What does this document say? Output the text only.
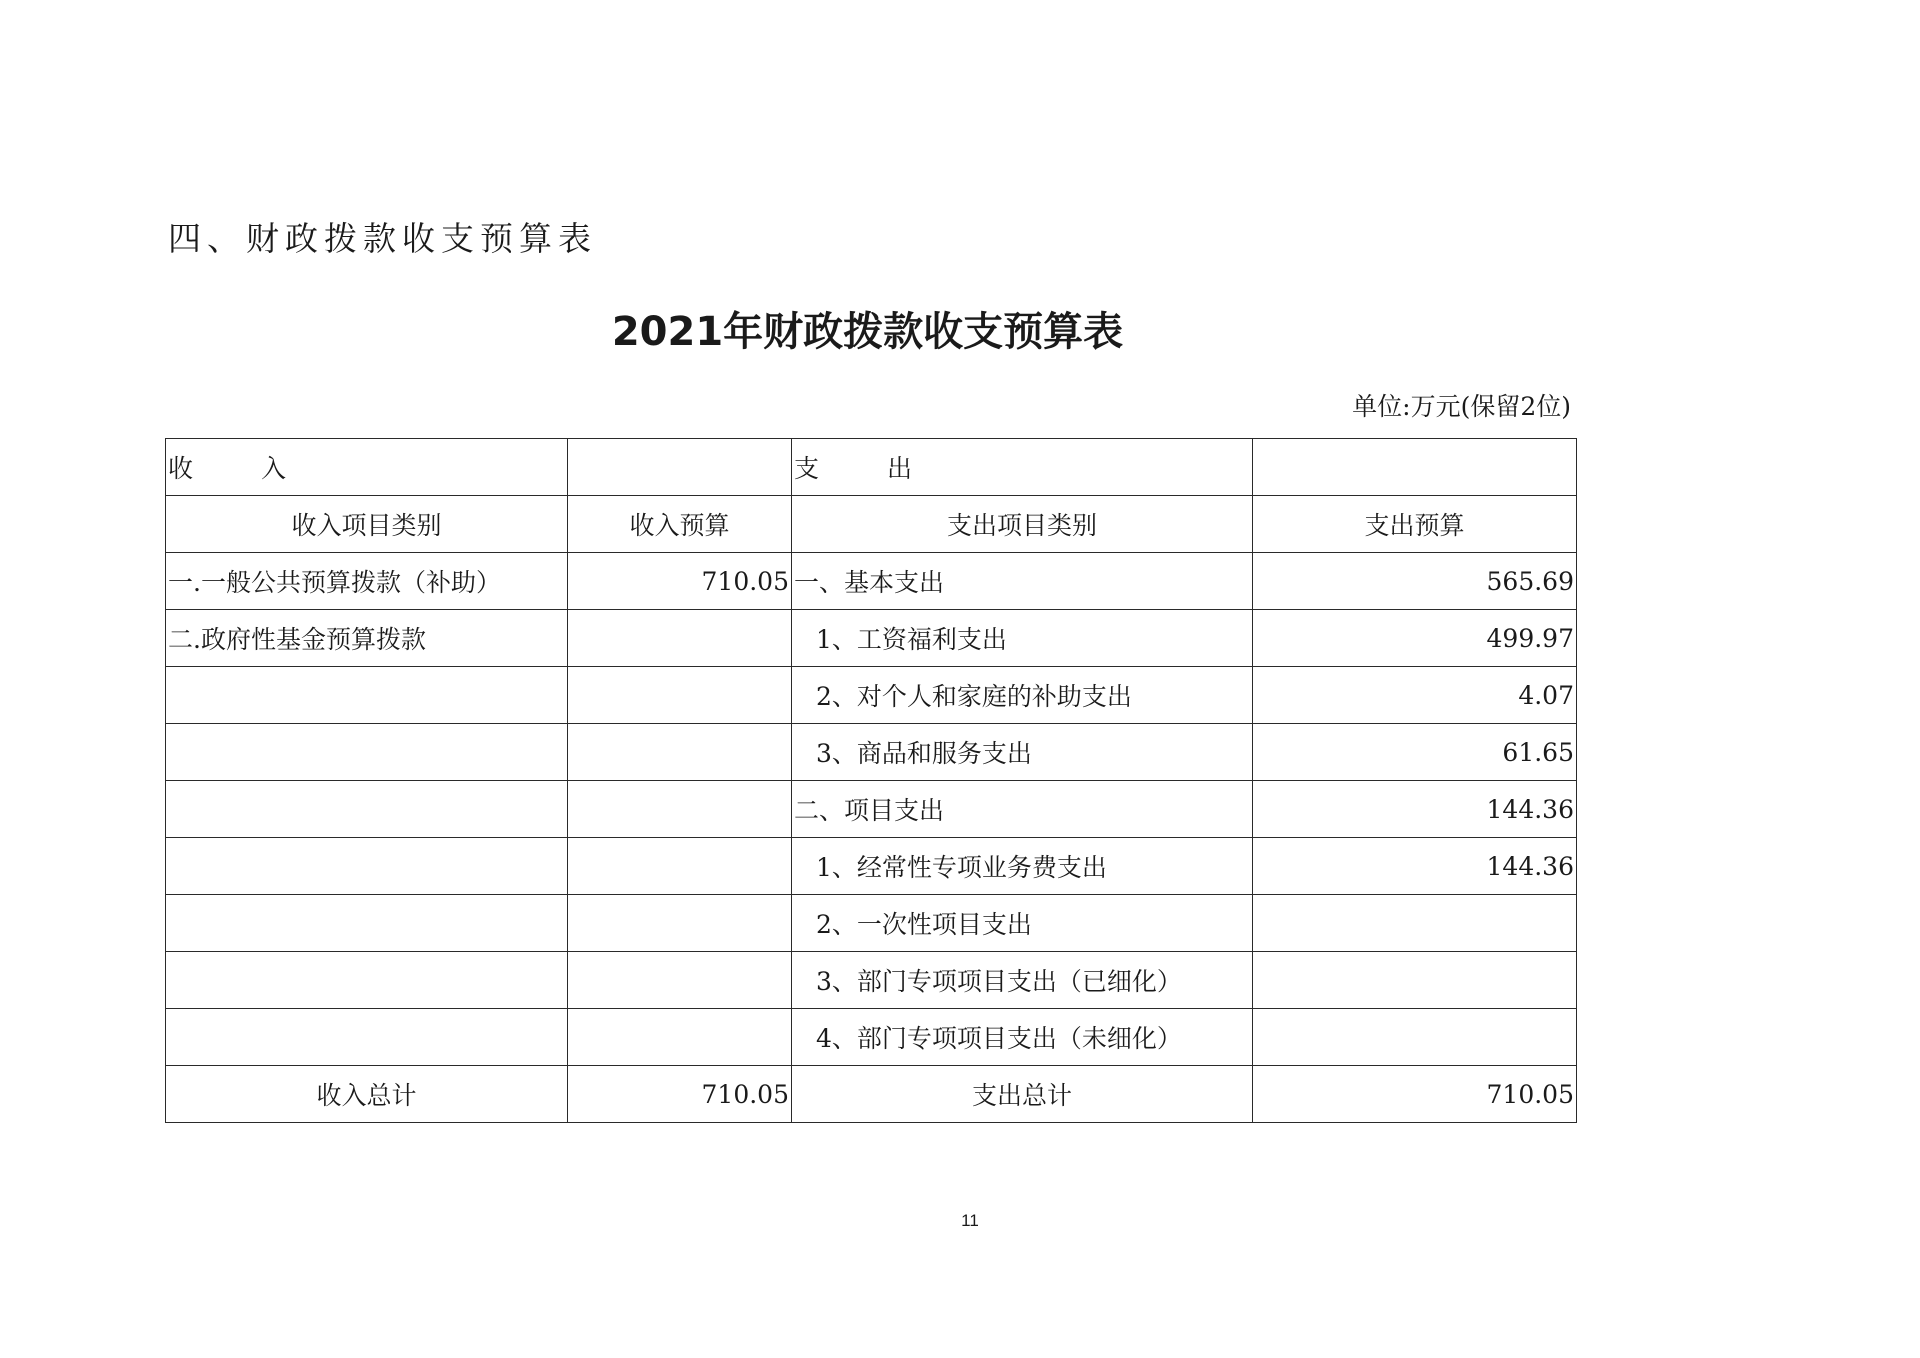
四、财政拨款收支预算表
2021年财政拨款收支预算表

单位:万元(保留2位)

收 入		支 出	
收入项目类别	收入预算	支出项目类别	支出预算
一.一般公共预算拨款（补助）	710.05	一、基本支出	565.69
二.政府性基金预算拨款		1、工资福利支出	499.97
		2、对个人和家庭的补助支出	4.07
		3、商品和服务支出	61.65
		二、项目支出	144.36
		1、经常性专项业务费支出	144.36
		2、一次性项目支出	
		3、部门专项项目支出（已细化）	
		4、部门专项项目支出（未细化）	
收入总计	710.05	支出总计	710.05
11
